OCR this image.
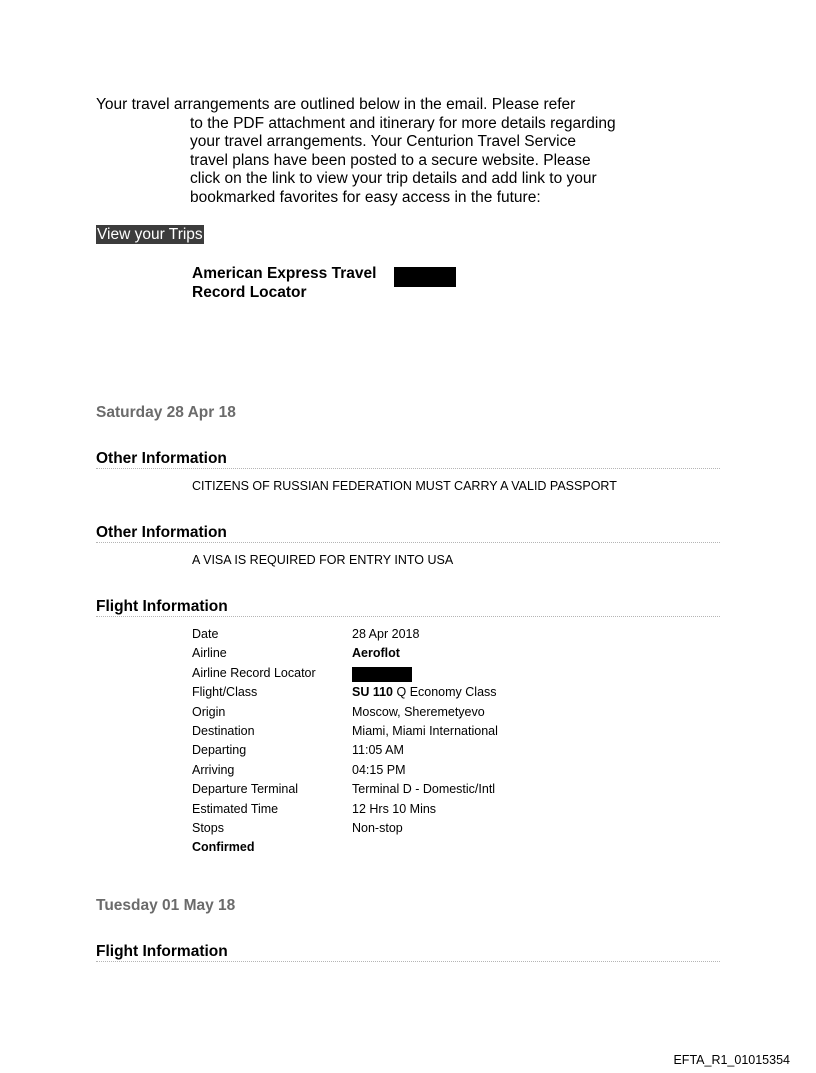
Your travel arrangements are outlined below in the email. Please refer
to the PDF attachment and itinerary for more details regarding
your travel arrangements. Your Centurion Travel Service
travel plans have been posted to a secure website. Please
click on the link to view your trip details and add link to your
bookmarked favorites for easy access in the future:
View your Trips
American Express Travel
Record Locator
Saturday 28 Apr 18
Other Information
CITIZENS OF RUSSIAN FEDERATION MUST CARRY A VALID PASSPORT
Other Information
A VISA IS REQUIRED FOR ENTRY INTO USA
Flight Information
Date	28 Apr 2018
Airline	Aeroflot
Airline Record Locator
Flight/Class	SU 110 Q Economy Class
Origin	Moscow, Sheremetyevo
Destination	Miami, Miami International
Departing	11:05 AM
Arriving	04:15 PM
Departure Terminal	Terminal D - Domestic/Intl
Estimated Time	12 Hrs 10 Mins
Stops	Non-stop
Confirmed
Tuesday 01 May 18
Flight Information
EFTA_R1_01015354
